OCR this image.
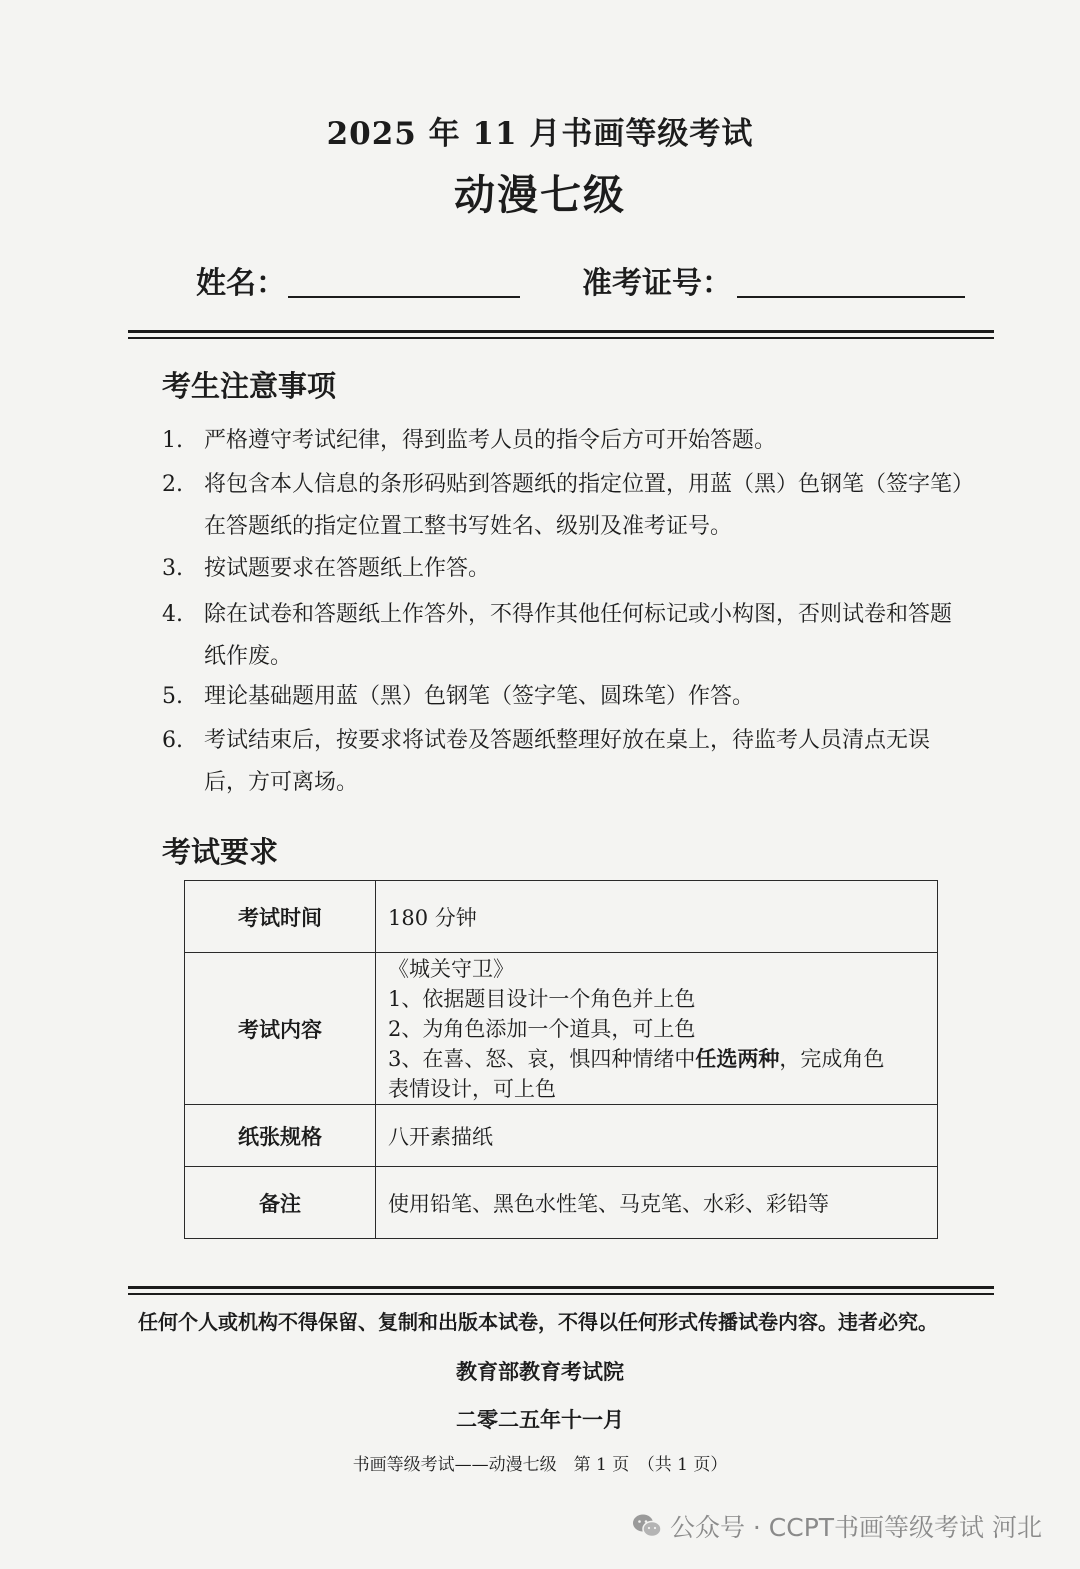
2025 年 11 月书画等级考试
动漫七级
姓名：	准考证号：
考生注意事项
1. 严格遵守考试纪律，得到监考人员的指令后方可开始答题。
2. 将包含本人信息的条形码贴到答题纸的指定位置，用蓝（黑）色钢笔（签字笔）在答题纸的指定位置工整书写姓名、级别及准考证号。
3. 按试题要求在答题纸上作答。
4. 除在试卷和答题纸上作答外，不得作其他任何标记或小构图，否则试卷和答题纸作废。
5. 理论基础题用蓝（黑）色钢笔（签字笔、圆珠笔）作答。
6. 考试结束后，按要求将试卷及答题纸整理好放在桌上，待监考人员清点无误后，方可离场。
考试要求
考试时间	180 分钟
考试内容	《城关守卫》
1、依据题目设计一个角色并上色
2、为角色添加一个道具，可上色
3、在喜、怒、哀，惧四种情绪中任选两种，完成角色
表情设计，可上色

纸张规格	八开素描纸
备注	使用铅笔、黑色水性笔、马克笔、水彩、彩铅等
任何个人或机构不得保留、复制和出版本试卷，不得以任何形式传播试卷内容。违者必究。
教育部教育考试院
二零二五年十一月
书画等级考试——动漫七级　第 1 页　（共 1 页）
公众号 · CCPT书画等级考试 河北
